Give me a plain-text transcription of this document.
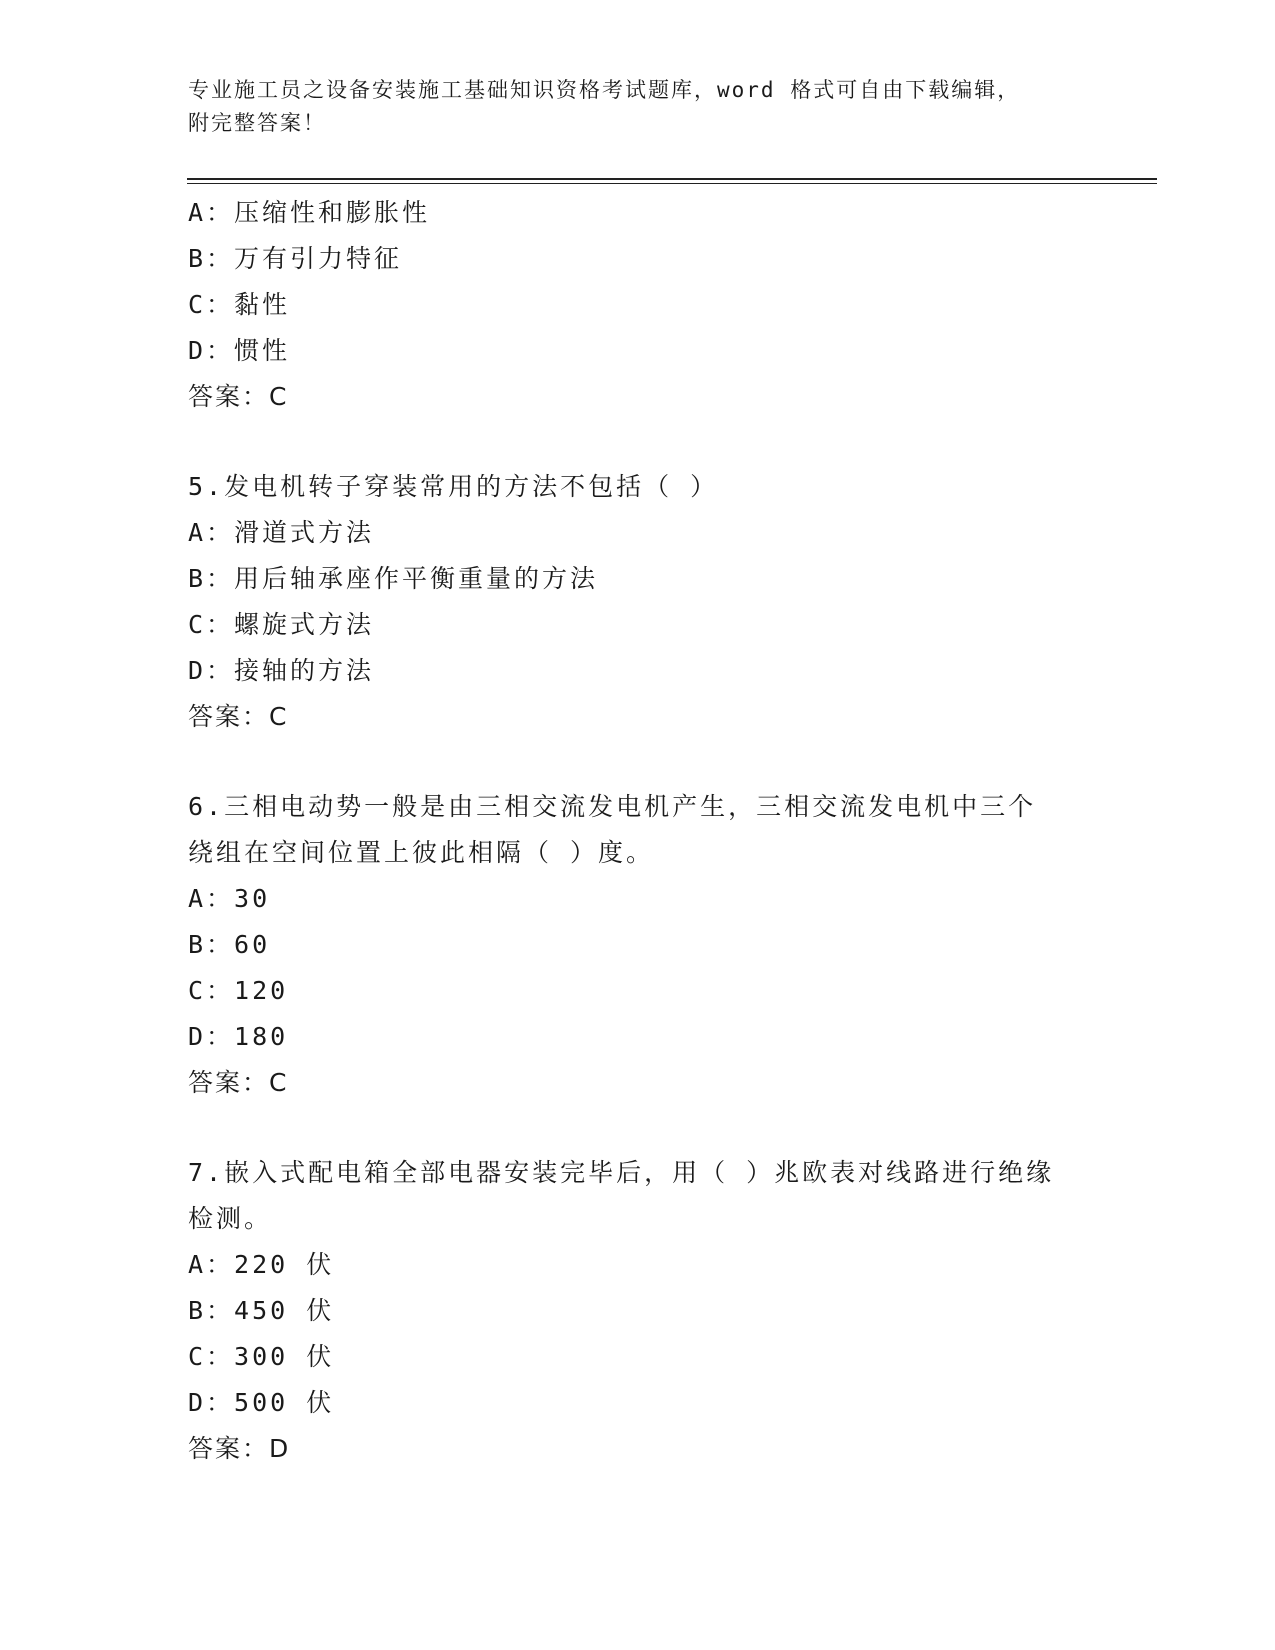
专业施工员之设备安装施工基础知识资格考试题库，word 格式可自由下载编辑，
附完整答案！
A：压缩性和膨胀性
B：万有引力特征
C：黏性
D：惯性
答案：C
5.发电机转子穿装常用的方法不包括（ ）
A：滑道式方法
B：用后轴承座作平衡重量的方法
C：螺旋式方法
D：接轴的方法
答案：C
6.三相电动势一般是由三相交流发电机产生，三相交流发电机中三个
绕组在空间位置上彼此相隔（ ）度。
A：30
B：60
C：120
D：180
答案：C
7.嵌入式配电箱全部电器安装完毕后，用（ ）兆欧表对线路进行绝缘
检测。
A：220 伏
B：450 伏
C：300 伏
D：500 伏
答案：D
